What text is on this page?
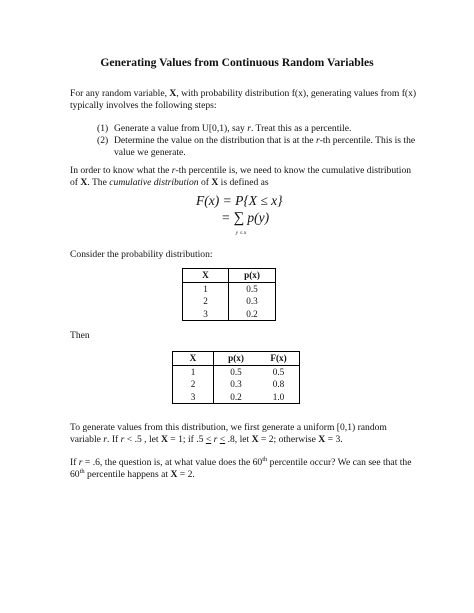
Generating Values from Continuous Random Variables
For any random variable, X, with probability distribution f(x), generating values from f(x) typically involves the following steps:
(1) Generate a value from U[0,1), say r. Treat this as a percentile.
(2) Determine the value on the distribution that is at the r-th percentile. This is the value we generate.
In order to know what the r-th percentile is, we need to know the cumulative distribution of X. The cumulative distribution of X is defined as
F(x) = P{X ≤ x}
= ∑
y ≤ x
p(y)
Consider the probability distribution:
X	p(x)
1	0.5
2	0.3
3	0.2
Then
X	p(x)	F(x)
1	0.5	0.5
2	0.3	0.8
3	0.2	1.0
To generate values from this distribution, we first generate a uniform [0,1) random variable r. If r < .5 , let X = 1; if .5 ≤ r ≤ .8, let X = 2; otherwise X = 3.
If r = .6, the question is, at what value does the 60th percentile occur? We can see that the 60th percentile happens at X = 2.
